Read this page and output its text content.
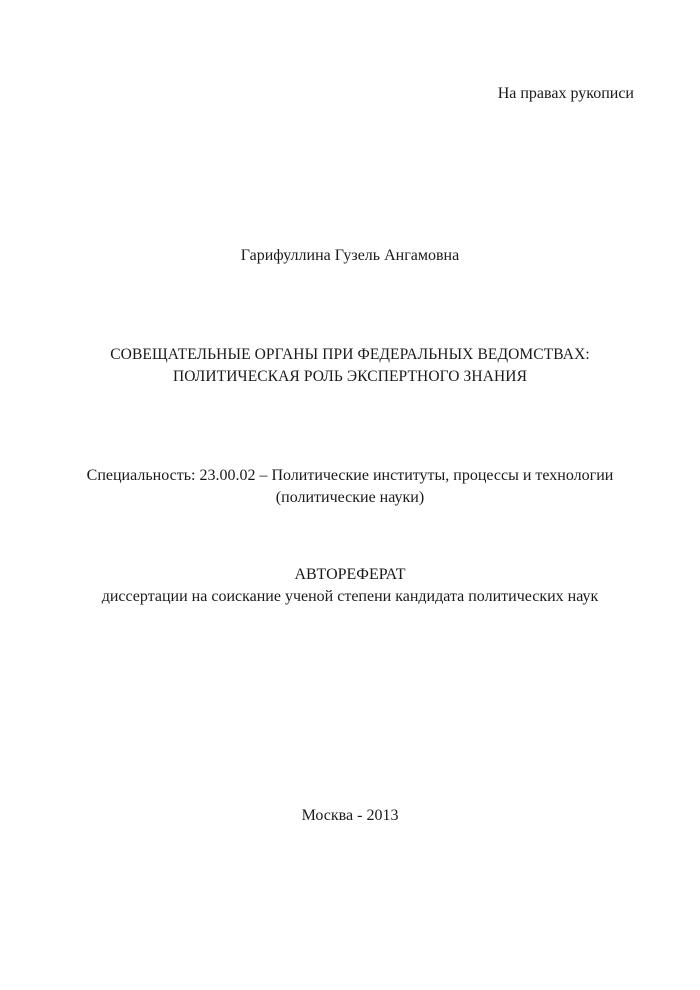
На правах рукописи

Гарифуллина Гузель Ангамовна

СОВЕЩАТЕЛЬНЫЕ ОРГАНЫ ПРИ ФЕДЕРАЛЬНЫХ ВЕДОМСТВАХ:
ПОЛИТИЧЕСКАЯ РОЛЬ ЭКСПЕРТНОГО ЗНАНИЯ

Специальность: 23.00.02 – Политические институты, процессы и технологии

(политические науки)

АВТОРЕФЕРАТ

диссертации на соискание ученой степени кандидата политических наук

Москва - 2013
